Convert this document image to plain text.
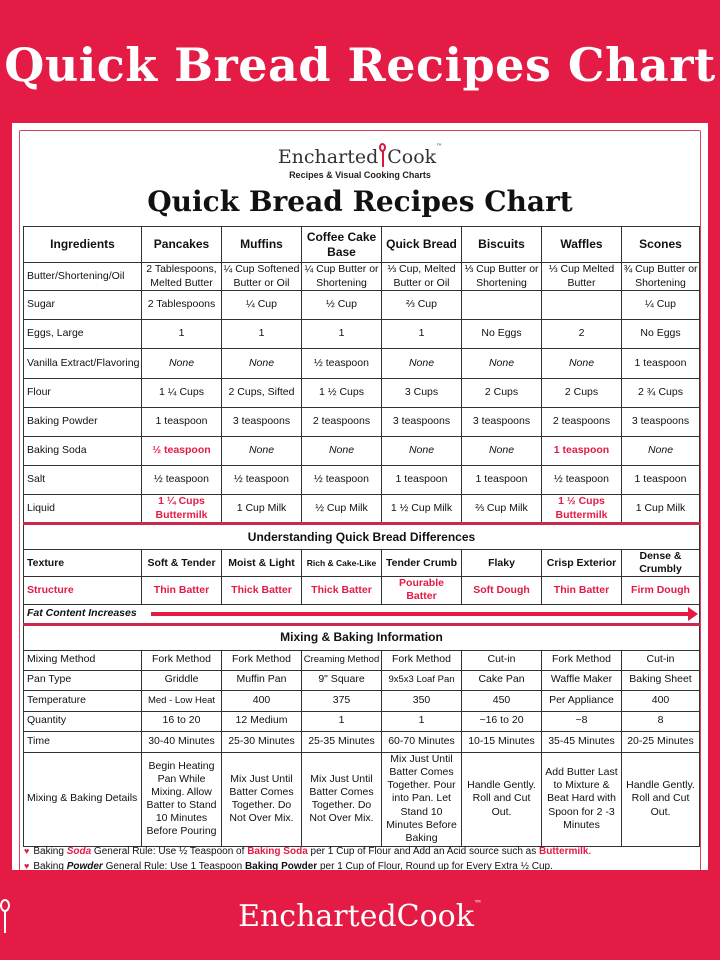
Quick Bread Recipes Chart
Encharted Cook™
Recipes & Visual Cooking Charts
Quick Bread Recipes Chart
Ingredients	Pancakes	Muffins	Coffee Cake Base	Quick Bread	Biscuits	Waffles	Scones
Butter/Shortening/Oil	2 Tablespoons, Melted Butter	¼ Cup Softened Butter or Oil	¼ Cup Butter or Shortening	⅓ Cup, Melted Butter or Oil	⅓ Cup Butter or Shortening	⅓ Cup Melted Butter	¾ Cup Butter or Shortening
Sugar	2 Tablespoons	¼ Cup	½ Cup	⅔ Cup			¼ Cup
Eggs, Large	1	1	1	1	No Eggs	2	No Eggs
Vanilla Extract/Flavoring	None	None	½ teaspoon	None	None	None	1 teaspoon
Flour	1 ¼ Cups	2 Cups, Sifted	1 ½ Cups	3 Cups	2 Cups	2 Cups	2 ¾ Cups
Baking Powder	1 teaspoon	3 teaspoons	2 teaspoons	3 teaspoons	3 teaspoons	2 teaspoons	3 teaspoons
Baking Soda	½ teaspoon	None	None	None	None	1 teaspoon	None
Salt	½ teaspoon	½ teaspoon	½ teaspoon	1 teaspoon	1 teaspoon	½ teaspoon	1 teaspoon
Liquid	1 ¼ Cups Buttermilk	1 Cup Milk	½ Cup Milk	1 ½ Cup Milk	⅔ Cup Milk	1 ½ Cups Buttermilk	1 Cup Milk
Understanding Quick Bread Differences							
Texture	Soft & Tender	Moist & Light	Rich & Cake-Like	Tender Crumb	Flaky	Crisp Exterior	Dense & Crumbly
Structure	Thin Batter	Thick Batter	Thick Batter	Pourable Batter	Soft Dough	Thin Batter	Firm Dough
Fat Content Increases							

Mixing & Baking Information							
Mixing Method	Fork Method	Fork Method	Creaming Method	Fork Method	Cut-in	Fork Method	Cut-in
Pan Type	Griddle	Muffin Pan	9" Square	9x5x3 Loaf Pan	Cake Pan	Waffle Maker	Baking Sheet
Temperature	Med - Low Heat	400	375	350	450	Per Appliance	400
Quantity	16 to 20	12 Medium	1	1	~16 to 20	~8	8
Time	30-40 Minutes	25-30 Minutes	25-35 Minutes	60-70 Minutes	10-15 Minutes	35-45 Minutes	20-25 Minutes
Mixing & Baking Details	Begin Heating Pan While Mixing. Allow Batter to Stand 10 Minutes Before Pouring	Mix Just Until Batter Comes Together. Do Not Over Mix.	Mix Just Until Batter Comes Together. Do Not Over Mix.	Mix Just Until Batter Comes Together. Pour into Pan. Let Stand 10 Minutes Before Baking	Handle Gently. Roll and Cut Out.	Add Butter Last to Mixture & Beat Hard with Spoon for 2 -3 Minutes	Handle Gently. Roll and Cut Out.
♥ Baking Soda General Rule: Use ½ Teaspoon of Baking Soda per 1 Cup of Flour and Add an Acid source such as Buttermilk.
♥ Baking Powder General Rule: Use 1 Teaspoon Baking Powder per 1 Cup of Flour, Round up for Every Extra ½ Cup.
Encharted
Cook™
